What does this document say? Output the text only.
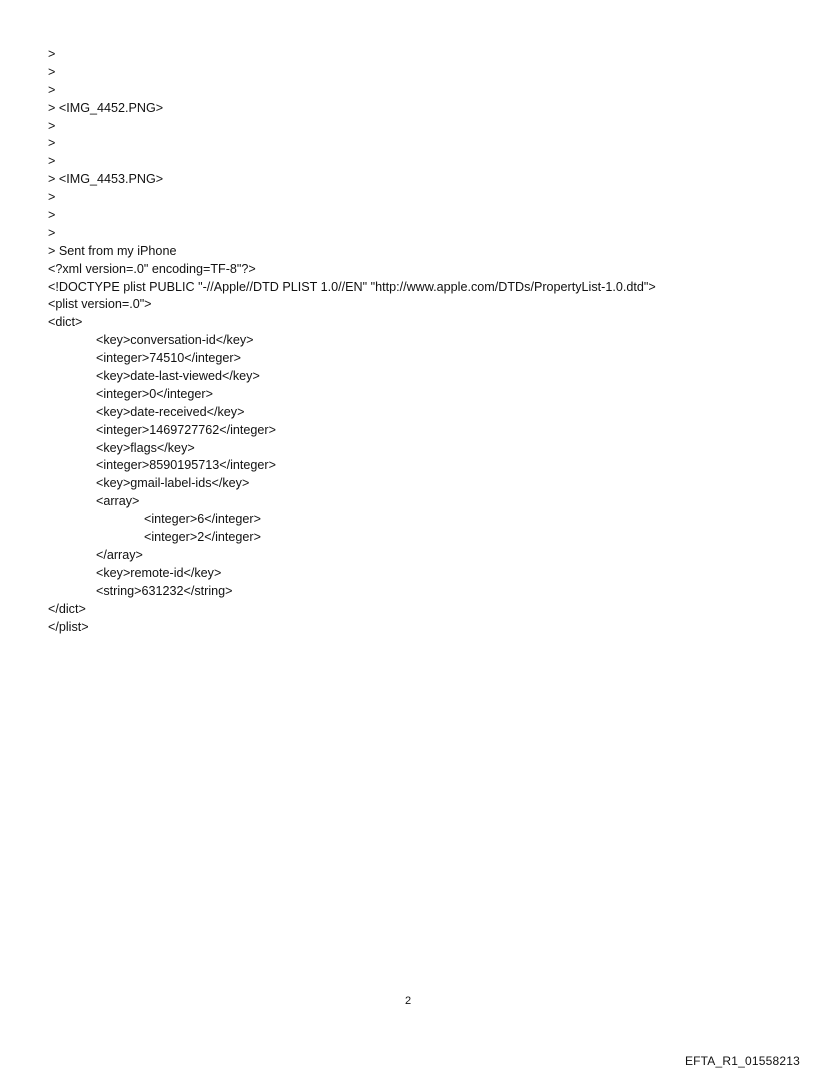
>
>
>
> <IMG_4452.PNG>
>
>
>
> <IMG_4453.PNG>
>
>
>
> Sent from my iPhone
<?xml version=.0" encoding=TF-8"?>
<!DOCTYPE plist PUBLIC "-//Apple//DTD PLIST 1.0//EN" "http://www.apple.com/DTDs/PropertyList-1.0.dtd">
<plist version=.0">
<dict>
<key>conversation-id</key>
<integer>74510</integer>
<key>date-last-viewed</key>
<integer>0</integer>
<key>date-received</key>
<integer>1469727762</integer>
<key>flags</key>
<integer>8590195713</integer>
<key>gmail-label-ids</key>
<array>
<integer>6</integer>
<integer>2</integer>
</array>
<key>remote-id</key>
<string>631232</string>
</dict>
</plist>
2
EFTA_R1_01558213
